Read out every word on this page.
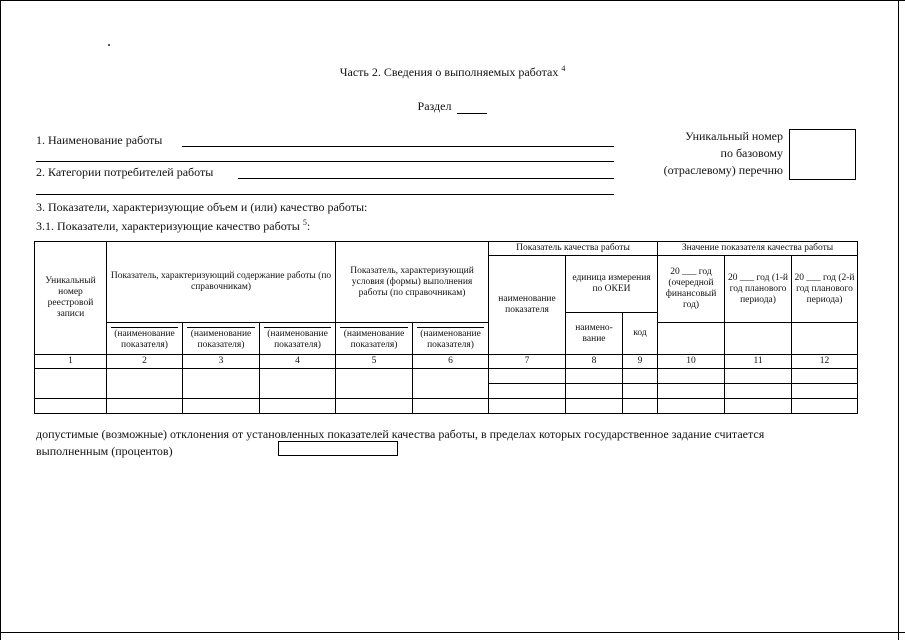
Часть 2. Сведения о выполняемых работах $^4$
Раздел
1. Наименование работы
2. Категории потребителей работы
Уникальный номер
по базовому
(отраслевому) перечню
3. Показатели, характеризующие объем и (или) качество работы:
3.1. Показатели, характеризующие качество работы $^5$:
Уникальный номер реестровой записи	Показатель, характеризующий содержание работы (по справочникам)			Показатель, характеризующий условия (формы) выполнения работы (по справочникам)		Показатель качества работы			Значение показателя качества работы		
						наименование показателя	единица измерения по ОКЕИ		20 ___ год (очередной финансовый год)	20 ___ год (1-й год планового периода)	20 ___ год (2-й год планового периода)
							наимено-вание	код			

	(наименование показателя)	(наименование показателя)	(наименование показателя)	(наименование показателя)	(наименование показателя)						

1	2	3	4	5	6	7	8	9	10	11	12

допустимые (возможные) отклонения от установленных показателей качества работы, в пределах которых государственное задание считается выполненным (процентов)
